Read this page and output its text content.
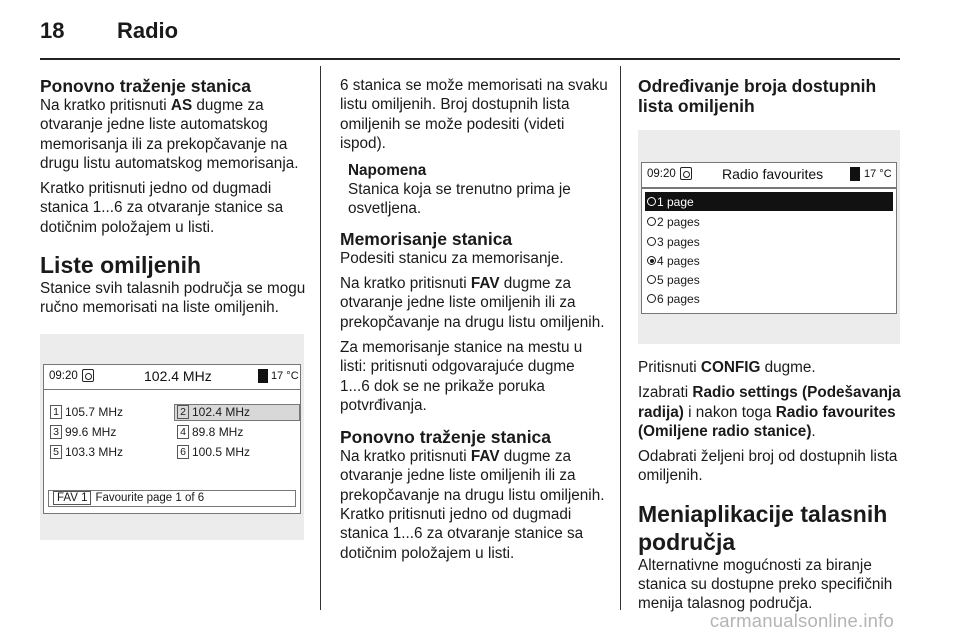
18 Radio
Ponovno traženje stanica

Na kratko pritisnuti AS dugme za otvaranje jedne liste automatskog memorisanja ili za prekopčavanje na drugu listu automatskog memorisanja.

Kratko pritisnuti jedno od dugmadi stanica 1...6 za otvaranje stanice sa dotičnim položajem u listi.

Liste omiljenih

Stanice svih talasnih područja se mogu ručno memorisati na liste omiljenih.

09:20	102.4 MHz	17 °C
1 105.7 MHz	2 102.4 MHz
3 99.6 MHz	4 89.8 MHz
5 103.3 MHz	6 100.5 MHz
FAV 1 Favourite page 1 of 6

6 stanica se može memorisati na svaku listu omiljenih. Broj dostupnih lista omiljenih se može podesiti (videti ispod).

Napomena

Stanica koja se trenutno prima je osvetljena.

Memorisanje stanica

Podesiti stanicu za memorisanje.

Na kratko pritisnuti FAV dugme za otvaranje jedne liste omiljenih ili za prekopčavanje na drugu listu omiljenih.

Za memorisanje stanice na mestu u listi: pritisnuti odgovarajuće dugme 1...6 dok se ne prikaže poruka potvrđivanja.

Ponovno traženje stanica

Na kratko pritisnuti FAV dugme za otvaranje jedne liste omiljenih ili za prekopčavanje na drugu listu omiljenih. Kratko pritisnuti jedno od dugmadi stanica 1...6 za otvaranje stanice sa dotičnim položajem u listi.

Određivanje broja dostupnih lista omiljenih
09:20	Radio favourites	17 °C
1 page
2 pages
3 pages
4 pages
5 pages
6 pages

Pritisnuti CONFIG dugme.

Izabrati Radio settings (Podešavanja radija) i nakon toga Radio favourites (Omiljene radio stanice).

Odabrati željeni broj od dostupnih lista omiljenih.

Meniaplikacije talasnih područja

Alternativne mogućnosti za biranje stanica su dostupne preko specifičnih menija talasnog područja.

carmanualsonline.info
